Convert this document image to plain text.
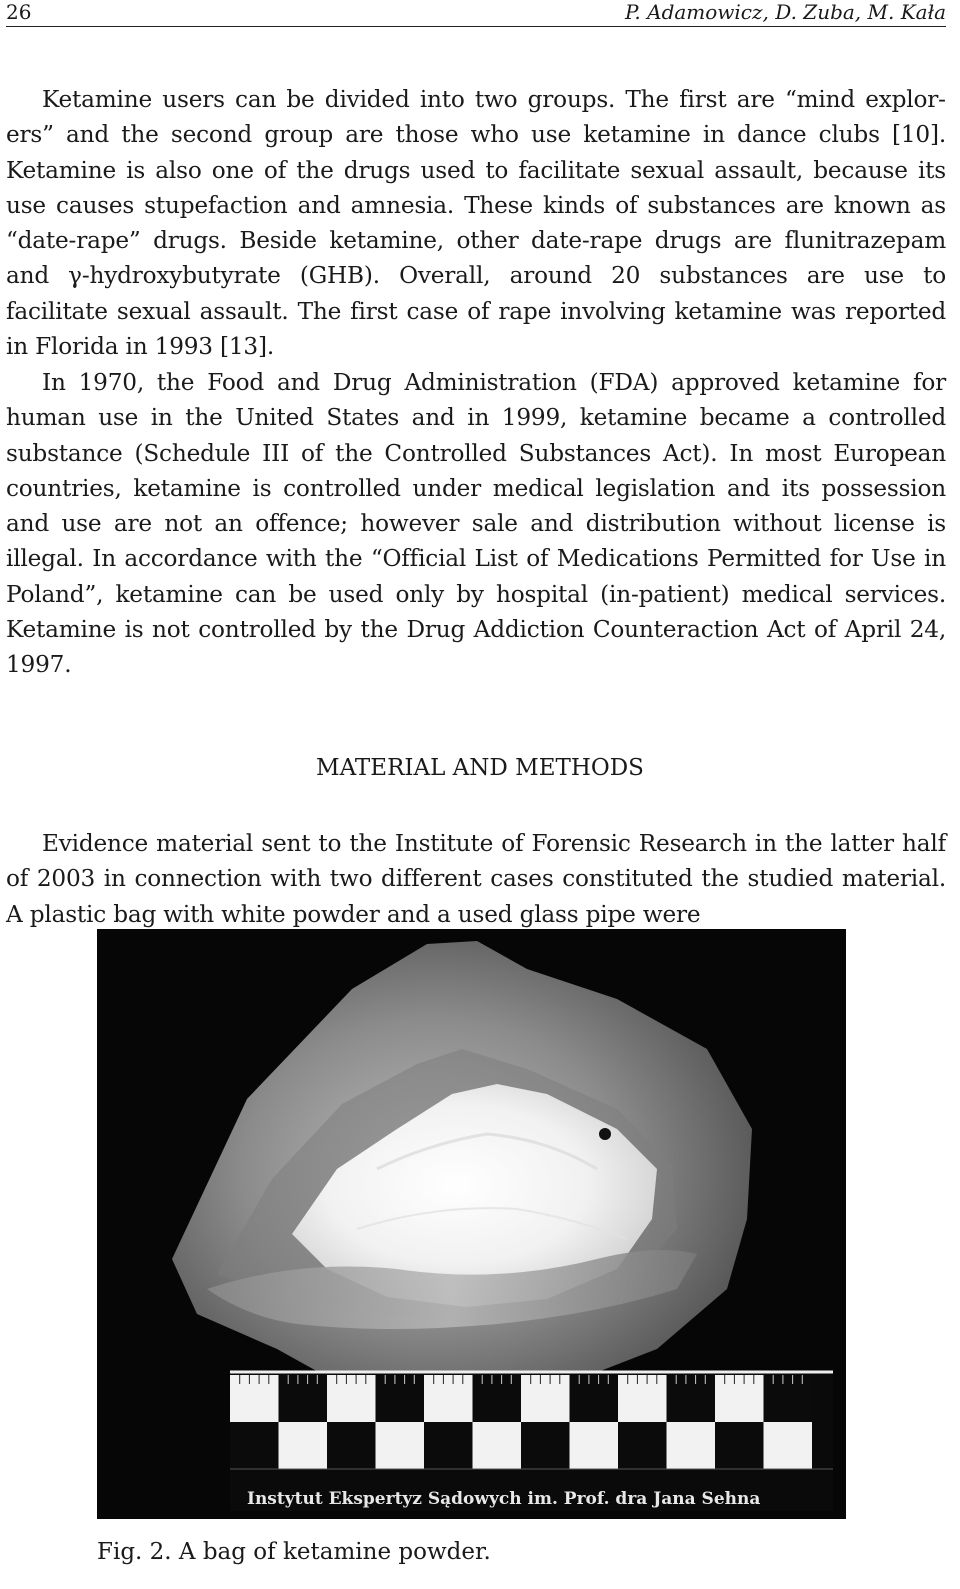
26	P. Adamowicz, D. Zuba, M. Kała

Ketamine users can be divided into two groups. The first are “mind explorers” and the second group are those who use ketamine in dance clubs [10]. Ketamine is also one of the drugs used to facilitate sexual assault, because its use causes stupefaction and amnesia. These kinds of substances are known as “date-rape” drugs. Beside ketamine, other date-rape drugs are flunitrazepam and γ-hydroxybutyrate (GHB). Overall, around 20 substances are use to facilitate sexual assault. The first case of rape involving ketamine was reported in Florida in 1993 [13].

In 1970, the Food and Drug Administration (FDA) approved ketamine for human use in the United States and in 1999, ketamine became a controlled substance (Schedule III of the Controlled Substances Act). In most European countries, ketamine is controlled under medical legislation and its possession and use are not an offence; however sale and distribution without license is illegal. In accordance with the “Official List of Medications Permitted for Use in Poland”, ketamine can be used only by hospital (in-patient) medical services. Ketamine is not controlled by the Drug Addiction Counteraction Act of April 24, 1997.

MATERIAL AND METHODS

Evidence material sent to the Institute of Forensic Research in the latter half of 2003 in connection with two different cases constituted the studied material. A plastic bag with white powder and a used glass pipe were

Instytut Ekspertyz Sądowych im. Prof. dra Jana Sehna

Fig. 2. A bag of ketamine powder.
